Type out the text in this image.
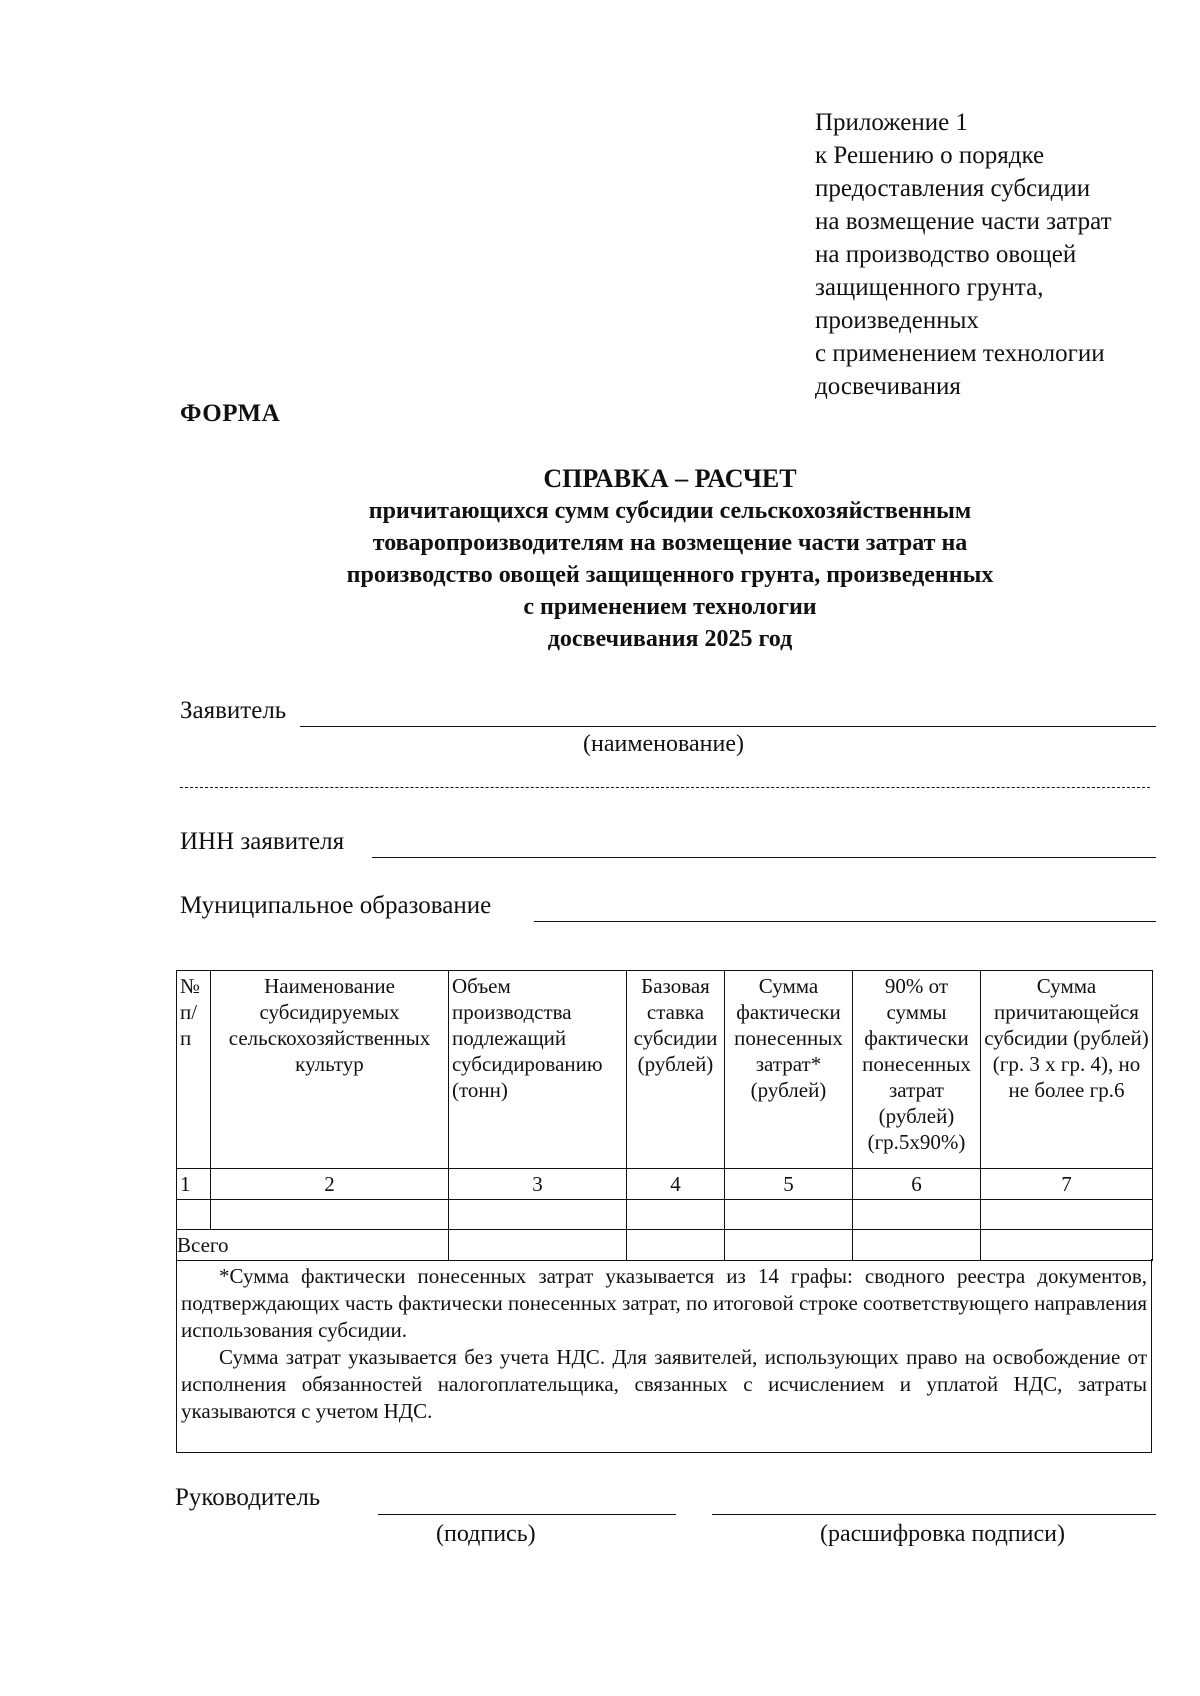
Приложение 1
к Решению о порядке
предоставления субсидии
на возмещение части затрат
на производство овощей
защищенного грунта,
произведенных
с применением технологии
досвечивания
ФОРМА
СПРАВКА – РАСЧЕТ
причитающихся сумм субсидии сельскохозяйственным
товаропроизводителям на возмещение части затрат на
производство овощей защищенного грунта, произведенных
с применением технологии
досвечивания 2025 год
Заявитель
(наименование)
ИНН заявителя
Муниципальное образование
№ п/п	Наименование субсидируемых сельскохозяйственных культур	Объем производства подлежащий субсидированию (тонн)	Базовая ставка субсидии (рублей)	Сумма фактически понесенных затрат* (рублей)	90% от суммы фактически понесенных затрат (рублей) (гр.5х90%)	Сумма причитающейся субсидии (рублей) (гр. 3 х гр. 4), но не более гр.6
1	2	3	4	5	6	7

Всего						

*Сумма фактически понесенных затрат указывается из 14 графы: сводного реестра документов, подтверждающих часть фактически понесенных затрат, по итоговой строке соответствующего направления использования субсидии.

Сумма затрат указывается без учета НДС. Для заявителей, использующих право на освобождение от исполнения обязанностей налогоплательщика, связанных с исчислением и уплатой НДС, затраты указываются с учетом НДС.

Руководитель
(подпись)	(расшифровка подписи)
